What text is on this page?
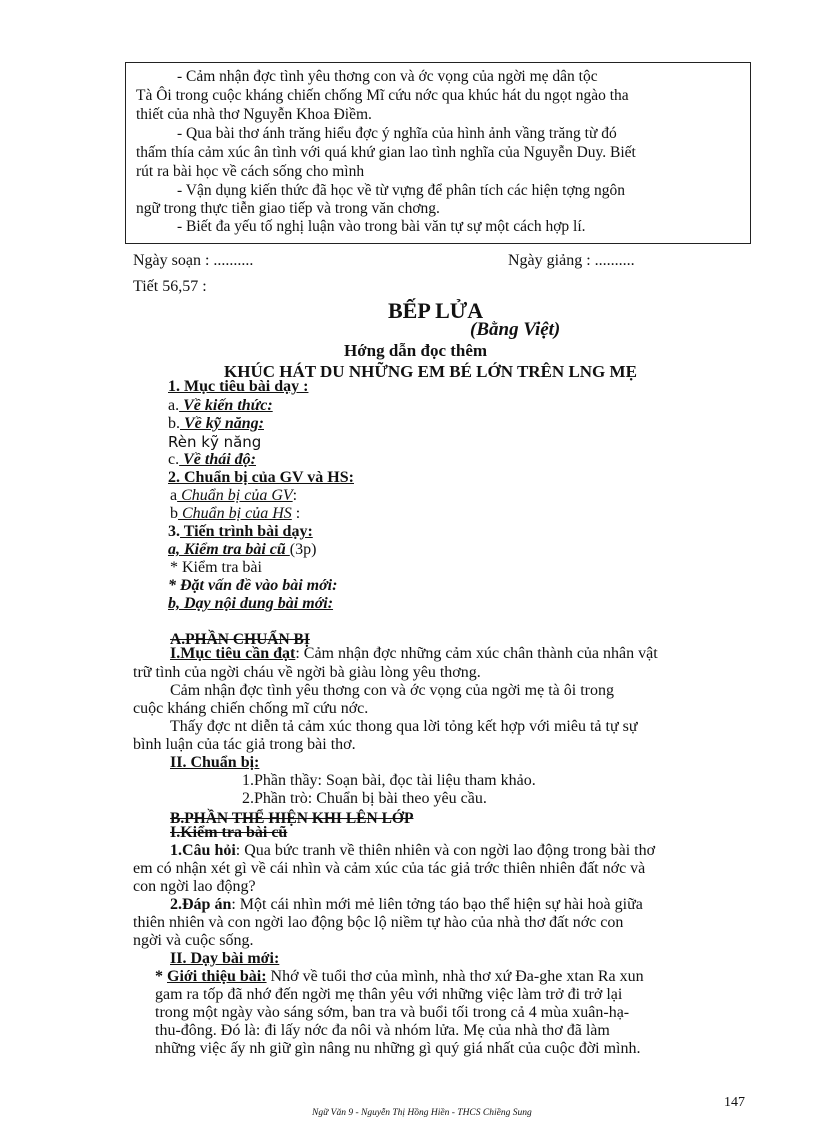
- Cảm nhận đợc tình yêu thơng con và ớc vọng của ngời mẹ dân tộc
Tà Ôi trong cuộc kháng chiến chống Mĩ cứu nớc qua khúc hát du ngọt ngào tha
thiết của nhà thơ Nguyễn Khoa Điềm.
- Qua bài thơ ánh trăng hiểu đợc ý nghĩa của hình ảnh vầng trăng từ đó
thấm thía cảm xúc ân tình với quá khứ gian lao tình nghĩa của Nguyễn Duy. Biết
rút ra bài học về cách sống cho mình
- Vận dụng kiến thức đã học về từ vựng để phân tích các hiện tợng ngôn
ngữ trong thực tiễn giao tiếp và trong văn chơng.
- Biết đa yếu tố nghị luận vào trong bài văn tự sự một cách hợp lí.
Ngày soạn : ..........	Ngày giảng : ..........
Tiết 56,57 :
BẾP LỬA
(Bằng Việt)
Hớng dẫn đọc thêm
KHÚC HÁT DU NHỮNG EM BÉ LỚN TRÊN LNG MẸ
1. Mục tiêu bài dạy :
a. Về kiến thức:
b. Về kỹ năng:
Rèn kỹ năng
c. Về thái độ:
2. Chuẩn bị của GV và HS:
a Chuẩn bị của GV:
b Chuẩn bị của HS :
3. Tiến trình bài dạy:
a, Kiểm tra bài cũ (3p)
* Kiểm tra bài
* Đặt vấn đề vào bài mới:
b, Dạy nội dung bài mới:
A.PHẦN CHUẨN BỊ
I.Mục tiêu cần đạt: Cảm nhận đợc những cảm xúc chân thành của nhân vật
trữ tình của ngời cháu về ngời bà giàu lòng yêu thơng.
Cảm nhận đợc tình yêu thơng con và ớc vọng của ngời mẹ tà ôi trong
cuộc kháng chiến chống mĩ cứu nớc.
Thấy đợc nt diễn tả cảm xúc thong qua lời tỏng kết hợp với miêu tả tự sự
bình luận của tác giả trong bài thơ.
II. Chuẩn bị:
1.Phần thầy: Soạn bài, đọc tài liệu tham khảo.
2.Phần trò: Chuẩn bị bài theo yêu cầu.
B.PHẦN THỂ HIỆN KHI LÊN LỚP
I.Kiểm tra bài cũ
1.Câu hỏi: Qua bức tranh về thiên nhiên và con ngời lao động trong bài thơ
em có nhận xét gì về cái nhìn và cảm xúc của tác giả trớc thiên nhiên đất nớc và
con ngời lao động?
2.Đáp án: Một cái nhìn mới mẻ liên tởng táo bạo thể hiện sự hài hoà giữa
thiên nhiên và con ngời lao động bộc lộ niềm tự hào của nhà thơ đất nớc con
ngời và cuộc sống.
II. Dạy bài mới:
* Giới thiệu bài: Nhớ về tuổi thơ của mình, nhà thơ xứ Đa-ghe xtan Ra xun
gam ra tốp đã nhớ đến ngời mẹ thân yêu với những việc làm trở đi trở lại
trong một ngày vào sáng sớm, ban tra và buổi tối trong cả 4 mùa xuân-hạ-
thu-đông. Đó là: đi lấy nớc đa nôi và nhóm lửa. Mẹ của nhà thơ đã làm
những việc ấy nh giữ gìn nâng nu những gì quý giá nhất của cuộc đời mình.
147
Ngữ Văn 9 - Nguyễn Thị Hồng Hiền - THCS Chiềng Sung
